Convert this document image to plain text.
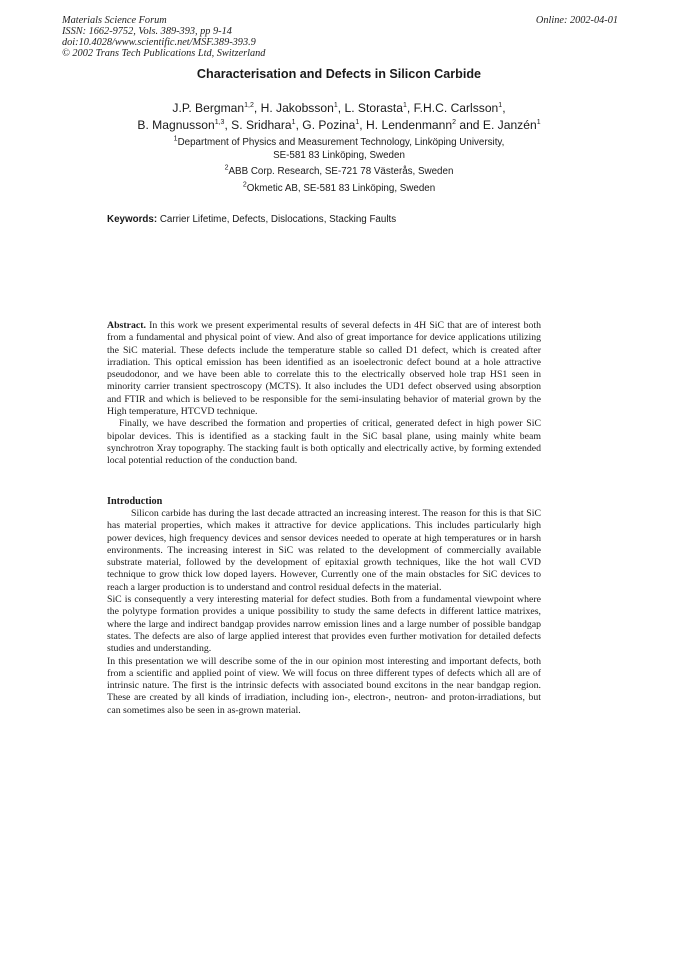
Materials Science Forum
ISSN: 1662-9752, Vols. 389-393, pp 9-14
doi:10.4028/www.scientific.net/MSF.389-393.9
© 2002 Trans Tech Publications Ltd, Switzerland
Online: 2002-04-01
Characterisation and Defects in Silicon Carbide
J.P. Bergman$^{1,2}$, H. Jakobsson$^1$, L. Storasta$^1$, F.H.C. Carlsson$^1$,
B. Magnusson$^{1,3}$, S. Sridhara$^1$, G. Pozina$^1$, H. Lendenmann$^2$ and E. Janzén$^1$
$^1$Department of Physics and Measurement Technology, Linköping University,
SE-581 83 Linköping, Sweden
$^2$ABB Corp. Research, SE-721 78 Västerås, Sweden
$^2$Okmetic AB, SE-581 83 Linköping, Sweden
Keywords: Carrier Lifetime, Defects, Dislocations, Stacking Faults

Abstract. In this work we present experimental results of several defects in 4H SiC that are of interest both from a fundamental and physical point of view. And also of great importance for device applications utilizing the SiC material. These defects include the temperature stable so called D1 defect, which is created after irradiation. This optical emission has been identified as an isoelectronic defect bound at a hole attractive pseudodonor, and we have been able to correlate this to the electrically observed hole trap HS1 seen in minority carrier transient spectroscopy (MCTS). It also includes the UD1 defect observed using absorption and FTIR and which is believed to be responsible for the semi-insulating behavior of material grown by the High temperature, HTCVD technique.

Finally, we have described the formation and properties of critical, generated defect in high power SiC bipolar devices. This is identified as a stacking fault in the SiC basal plane, using mainly white beam synchrotron Xray topography. The stacking fault is both optically and electrically active, by forming extended local potential reduction of the conduction band.

Introduction

Silicon carbide has during the last decade attracted an increasing interest. The reason for this is that SiC has material properties, which makes it attractive for device applications. This includes particularly high power devices, high frequency devices and sensor devices needed to operate at high temperatures or in harsh environments. The increasing interest in SiC was related to the development of commercially available substrate material, followed by the development of epitaxial growth techniques, like the hot wall CVD technique to grow thick low doped layers. However, Currently one of the main obstacles for SiC devices to reach a larger production is to understand and control residual defects in the material.

SiC is consequently a very interesting material for defect studies. Both from a fundamental viewpoint where the polytype formation provides a unique possibility to study the same defects in different lattice matrixes, where the large and indirect bandgap provides narrow emission lines and a large number of possible bandgap states. The defects are also of large applied interest that provides even further motivation for detailed defects studies and understanding.

In this presentation we will describe some of the in our opinion most interesting and important defects, both from a scientific and applied point of view. We will focus on three different types of defects which all are of intrinsic nature. The first is the intrinsic defects with associated bound excitons in the near bandgap region. These are created by all kinds of irradiation, including ion-, electron-, neutron- and proton-irradiations, but can sometimes also be seen in as-grown material.
